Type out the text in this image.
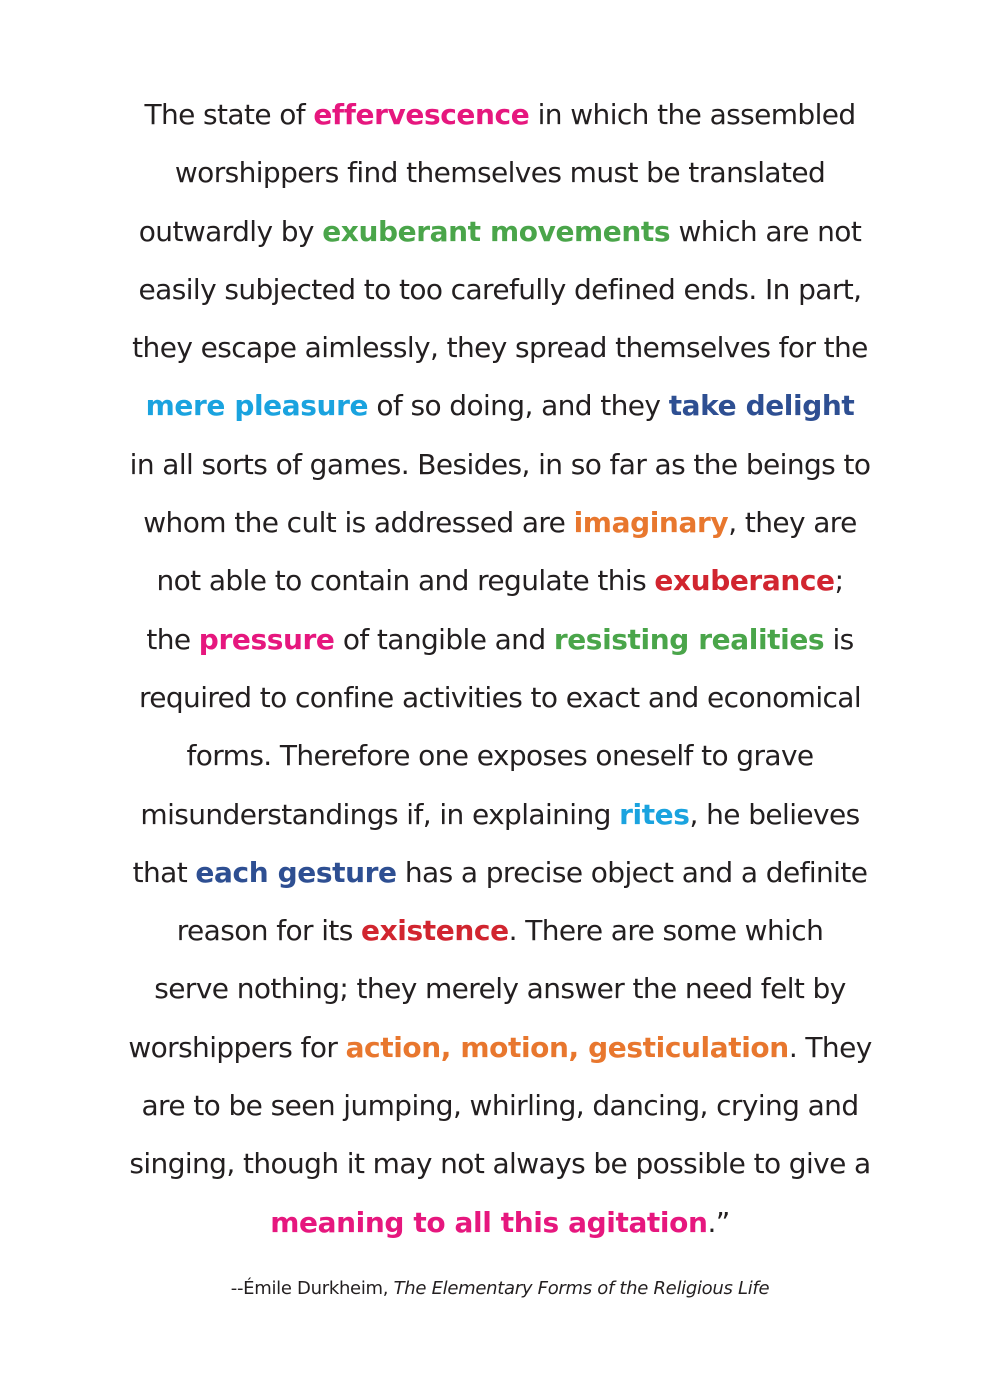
The state of effervescence in which the assembled
worshippers find themselves must be translated
outwardly by exuberant movements which are not
easily subjected to too carefully defined ends. In part,
they escape aimlessly, they spread themselves for the
mere pleasure of so doing, and they take delight
in all sorts of games. Besides, in so far as the beings to
whom the cult is addressed are imaginary, they are
not able to contain and regulate this exuberance;
the pressure of tangible and resisting realities is
required to confine activities to exact and economical
forms. Therefore one exposes oneself to grave
misunderstandings if, in explaining rites, he believes
that each gesture has a precise object and a definite
reason for its existence. There are some which
serve nothing; they merely answer the need felt by
worshippers for action, motion, gesticulation. They
are to be seen jumping, whirling, dancing, crying and
singing, though it may not always be possible to give a
meaning to all this agitation.”

--Émile Durkheim, The Elementary Forms of the Religious Life
